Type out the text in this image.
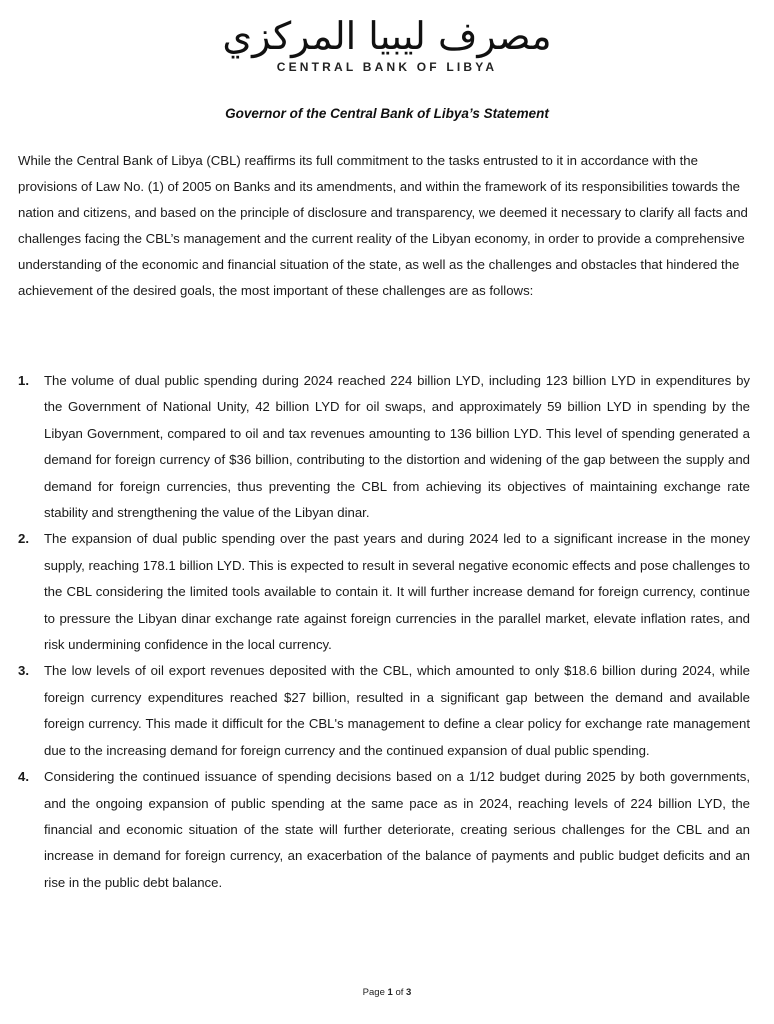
مصرف ليبيا المركزي
CENTRAL BANK OF LIBYA
Governor of the Central Bank of Libya’s Statement
While the Central Bank of Libya (CBL) reaffirms its full commitment to the tasks entrusted to it in accordance with the provisions of Law No. (1) of 2005 on Banks and its amendments, and within the framework of its responsibilities towards the nation and citizens, and based on the principle of disclosure and transparency, we deemed it necessary to clarify all facts and challenges facing the CBL’s management and the current reality of the Libyan economy, in order to provide a comprehensive understanding of the economic and financial situation of the state, as well as the challenges and obstacles that hindered the achievement of the desired goals, the most important of these challenges are as follows:
1. The volume of dual public spending during 2024 reached 224 billion LYD, including 123 billion LYD in expenditures by the Government of National Unity, 42 billion LYD for oil swaps, and approximately 59 billion LYD in spending by the Libyan Government, compared to oil and tax revenues amounting to 136 billion LYD. This level of spending generated a demand for foreign currency of $36 billion, contributing to the distortion and widening of the gap between the supply and demand for foreign currencies, thus preventing the CBL from achieving its objectives of maintaining exchange rate stability and strengthening the value of the Libyan dinar.
2. The expansion of dual public spending over the past years and during 2024 led to a significant increase in the money supply, reaching 178.1 billion LYD. This is expected to result in several negative economic effects and pose challenges to the CBL considering the limited tools available to contain it. It will further increase demand for foreign currency, continue to pressure the Libyan dinar exchange rate against foreign currencies in the parallel market, elevate inflation rates, and risk undermining confidence in the local currency.
3. The low levels of oil export revenues deposited with the CBL, which amounted to only $18.6 billion during 2024, while foreign currency expenditures reached $27 billion, resulted in a significant gap between the demand and available foreign currency. This made it difficult for the CBL's management to define a clear policy for exchange rate management due to the increasing demand for foreign currency and the continued expansion of dual public spending.
4. Considering the continued issuance of spending decisions based on a 1/12 budget during 2025 by both governments, and the ongoing expansion of public spending at the same pace as in 2024, reaching levels of 224 billion LYD, the financial and economic situation of the state will further deteriorate, creating serious challenges for the CBL and an increase in demand for foreign currency, an exacerbation of the balance of payments and public budget deficits and an rise in the public debt balance.
Page 1 of 3
